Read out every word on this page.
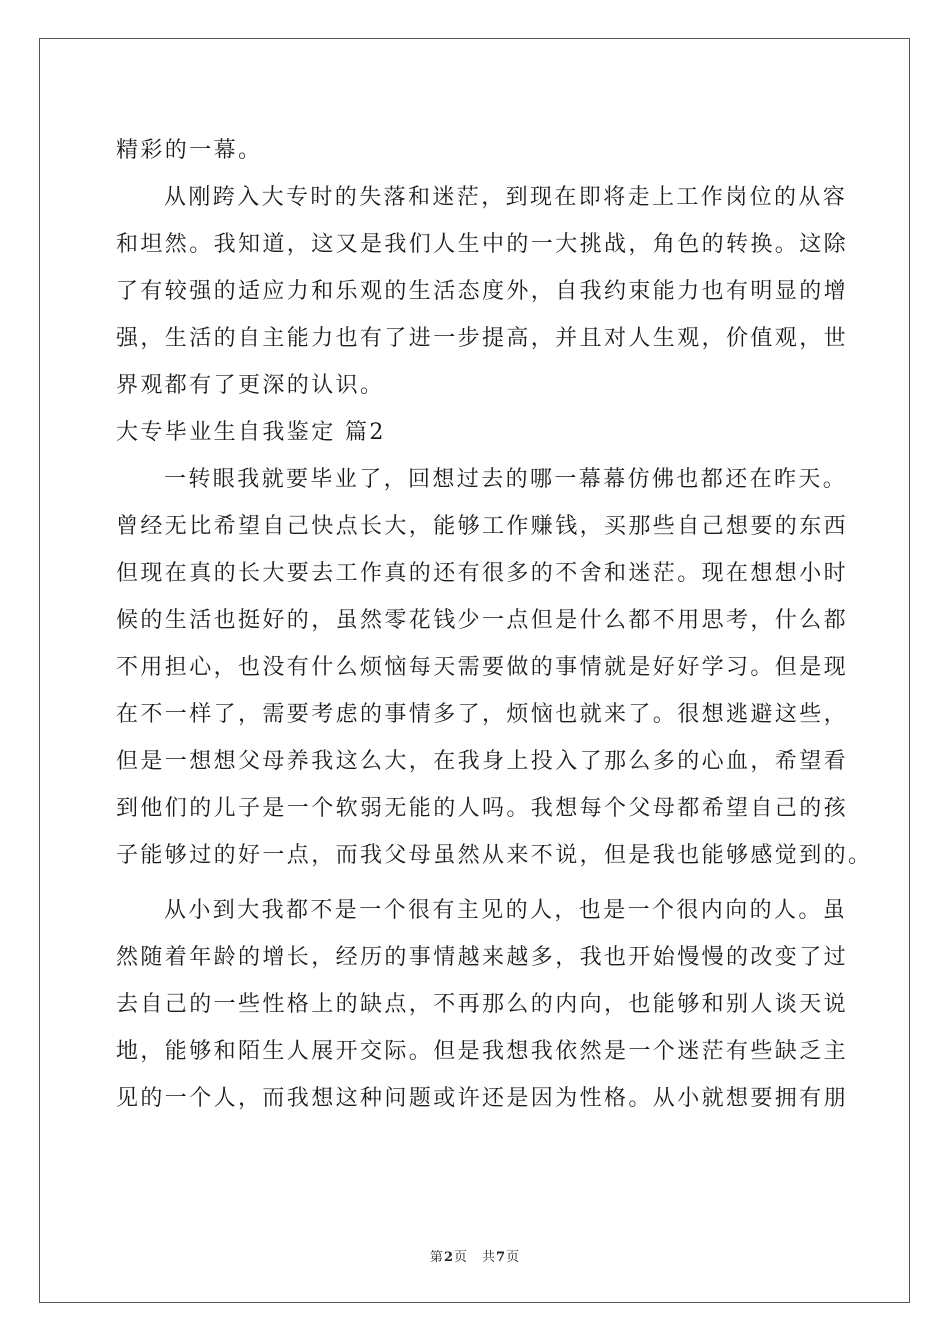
精彩的一幕。
从刚跨入大专时的失落和迷茫，到现在即将走上工作岗位的从容
和坦然。我知道，这又是我们人生中的一大挑战，角色的转换。这除
了有较强的适应力和乐观的生活态度外，自我约束能力也有明显的增
强，生活的自主能力也有了进一步提高，并且对人生观，价值观，世
界观都有了更深的认识。
大专毕业生自我鉴定 篇2
一转眼我就要毕业了，回想过去的哪一幕幕仿佛也都还在昨天。
曾经无比希望自己快点长大，能够工作赚钱，买那些自己想要的东西
但现在真的长大要去工作真的还有很多的不舍和迷茫。现在想想小时
候的生活也挺好的，虽然零花钱少一点但是什么都不用思考，什么都
不用担心，也没有什么烦恼每天需要做的事情就是好好学习。但是现
在不一样了，需要考虑的事情多了，烦恼也就来了。很想逃避这些，
但是一想想父母养我这么大，在我身上投入了那么多的心血，希望看
到他们的儿子是一个软弱无能的人吗。我想每个父母都希望自己的孩
子能够过的好一点，而我父母虽然从来不说，但是我也能够感觉到的。
从小到大我都不是一个很有主见的人，也是一个很内向的人。虽
然随着年龄的增长，经历的事情越来越多，我也开始慢慢的改变了过
去自己的一些性格上的缺点，不再那么的内向，也能够和别人谈天说
地，能够和陌生人展开交际。但是我想我依然是一个迷茫有些缺乏主
见的一个人，而我想这种问题或许还是因为性格。从小就想要拥有朋
第2页 共7页
